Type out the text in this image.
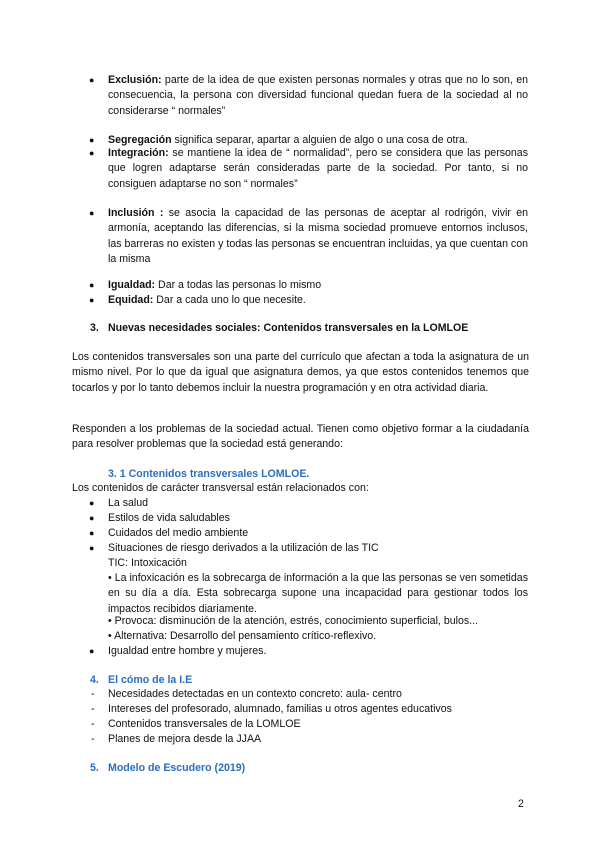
● Exclusión: parte de la idea de que existen personas normales y otras que no lo son, en consecuencia, la persona con diversidad funcional quedan fuera de la sociedad al no considerarse “ normales”
● Segregación significa separar, apartar a alguien de algo o una cosa de otra.
● Integración: se mantiene la idea de “ normalidad”, pero se considera que las personas que logren adaptarse serán consideradas parte de la sociedad. Por tanto, si no consiguen adaptarse no son “ normales”
● Inclusión : se asocia la capacidad de las personas de aceptar al rodrigón, vivir en armonía, aceptando las diferencias, si la misma sociedad promueve entornos inclusos, las barreras no existen y todas las personas se encuentran incluidas, ya que cuentan con la misma
● Igualdad: Dar a todas las personas lo mismo
● Equidad: Dar a cada uno lo que necesite.
3. Nuevas necesidades sociales: Contenidos transversales en la LOMLOE
Los contenidos transversales son una parte del currículo que afectan a toda la asignatura de un mismo nivel. Por lo que da igual que asignatura demos, ya que estos contenidos tenemos que tocarlos y por lo tanto debemos incluir la nuestra programación y en otra actividad diaria.
Responden a los problemas de la sociedad actual. Tienen como objetivo formar a la ciudadanía para resolver problemas que la sociedad está generando:
3. 1 Contenidos transversales LOMLOE.
Los contenidos de carácter transversal están relacionados con:
● La salud
● Estilos de vida saludables
● Cuidados del medio ambiente
● Situaciones de riesgo derivados a la utilización de las TIC
TIC: Intoxicación
• La infoxicación es la sobrecarga de información a la que las personas se ven sometidas en su día a día. Esta sobrecarga supone una incapacidad para gestionar todos los impactos recibidos diariamente.
• Provoca: disminución de la atención, estrés, conocimiento superficial, bulos...
• Alternativa: Desarrollo del pensamiento crítico-reflexivo.
● Igualdad entre hombre y mujeres.
4. El cómo de la I.E
- Necesidades detectadas en un contexto concreto: aula- centro
- Intereses del profesorado, alumnado, familias u otros agentes educativos
- Contenidos transversales de la LOMLOE
- Planes de mejora desde la JJAA
5. Modelo de Escudero (2019)
2
